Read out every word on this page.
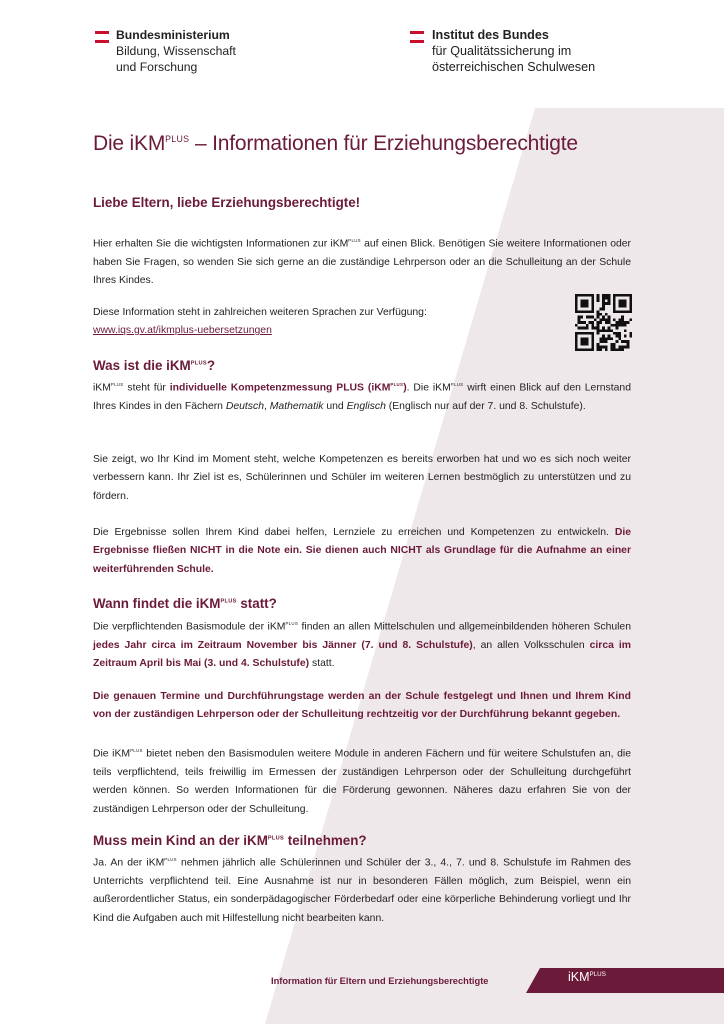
Bundesministerium
Bildung, Wissenschaft
und Forschung
Institut des Bundes
für Qualitätssicherung im
österreichischen Schulwesen
Die iKM$^{PLUS}$ – Informationen für Erziehungsberechtigte
Liebe Eltern, liebe Erziehungsberechtigte!
Hier erhalten Sie die wichtigsten Informationen zur iKM$^{PLUS}$ auf einen Blick. Benötigen Sie weitere Informationen oder haben Sie Fragen, so wenden Sie sich gerne an die zuständige Lehrperson oder an die Schulleitung an der Schule Ihres Kindes.
Diese Information steht in zahlreichen weiteren Sprachen zur Verfügung:
www.iqs.gv.at/ikmplus-uebersetzungen
Was ist die iKM$^{PLUS}$?
iKM$^{PLUS}$ steht für individuelle Kompetenzmessung PLUS (iKM$^{PLUS}$). Die iKM$^{PLUS}$ wirft einen Blick auf den Lernstand Ihres Kindes in den Fächern Deutsch, Mathematik und Englisch (Englisch nur auf der 7. und 8. Schulstufe).
Sie zeigt, wo Ihr Kind im Moment steht, welche Kompetenzen es bereits erworben hat und wo es sich noch weiter verbessern kann. Ihr Ziel ist es, Schülerinnen und Schüler im weiteren Lernen bestmöglich zu unterstützen und zu fördern.
Die Ergebnisse sollen Ihrem Kind dabei helfen, Lernziele zu erreichen und Kompetenzen zu entwickeln. Die Ergebnisse fließen NICHT in die Note ein. Sie dienen auch NICHT als Grundlage für die Aufnahme an einer weiterführenden Schule.
Wann findet die iKM$^{PLUS}$ statt?
Die verpflichtenden Basismodule der iKM$^{PLUS}$ finden an allen Mittelschulen und allgemeinbildenden höheren Schulen jedes Jahr circa im Zeitraum November bis Jänner (7. und 8. Schulstufe), an allen Volksschulen circa im Zeitraum April bis Mai (3. und 4. Schulstufe) statt.
Die genauen Termine und Durchführungstage werden an der Schule festgelegt und Ihnen und Ihrem Kind von der zuständigen Lehrperson oder der Schulleitung rechtzeitig vor der Durchführung bekannt gegeben.
Die iKM$^{PLUS}$ bietet neben den Basismodulen weitere Module in anderen Fächern und für weitere Schulstufen an, die teils verpflichtend, teils freiwillig im Ermessen der zuständigen Lehrperson oder der Schulleitung durchgeführt werden können. So werden Informationen für die Förderung gewonnen. Näheres dazu erfahren Sie von der zuständigen Lehrperson oder der Schulleitung.
Muss mein Kind an der iKM$^{PLUS}$ teilnehmen?
Ja. An der iKM$^{PLUS}$ nehmen jährlich alle Schülerinnen und Schüler der 3., 4., 7. und 8. Schulstufe im Rahmen des Unterrichts verpflichtend teil. Eine Ausnahme ist nur in besonderen Fällen möglich, zum Beispiel, wenn ein außerordentlicher Status, ein sonderpädagogischer Förderbedarf oder eine körperliche Behinderung vorliegt und Ihr Kind die Aufgaben auch mit Hilfestellung nicht bearbeiten kann.
Information für Eltern und Erziehungsberechtigte	iKM$^{PLUS}$
